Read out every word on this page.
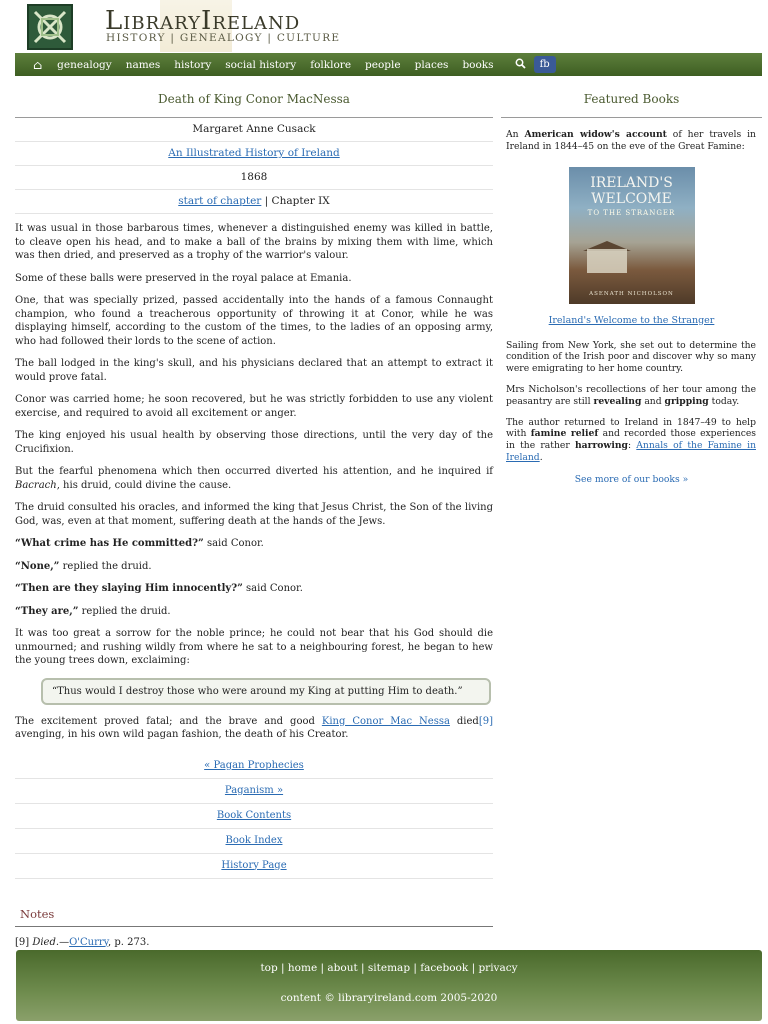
LibraryIreland
HISTORY | GENEALOGY | CULTURE
⌂	genealogy	names	history	social history	folklore	people	places	books	fb
Death of King Conor MacNessa
Margaret Anne Cusack
An Illustrated History of Ireland
1868
start of chapter | Chapter IX

It was usual in those barbarous times, whenever a distinguished enemy was killed in battle, to cleave open his head, and to make a ball of the brains by mixing them with lime, which was then dried, and preserved as a trophy of the warrior's valour.

Some of these balls were preserved in the royal palace at Emania.

One, that was specially prized, passed accidentally into the hands of a famous Connaught champion, who found a treacherous opportunity of throwing it at Conor, while he was displaying himself, according to the custom of the times, to the ladies of an opposing army, who had followed their lords to the scene of action.

The ball lodged in the king's skull, and his physicians declared that an attempt to extract it would prove fatal.

Conor was carried home; he soon recovered, but he was strictly forbidden to use any violent exercise, and required to avoid all excitement or anger.

The king enjoyed his usual health by observing those directions, until the very day of the Crucifixion.

But the fearful phenomena which then occurred diverted his attention, and he inquired if Bacrach, his druid, could divine the cause.

The druid consulted his oracles, and informed the king that Jesus Christ, the Son of the living God, was, even at that moment, suffering death at the hands of the Jews.

“What crime has He committed?” said Conor.

“None,” replied the druid.

“Then are they slaying Him innocently?” said Conor.

“They are,” replied the druid.

It was too great a sorrow for the noble prince; he could not bear that his God should die unmourned; and rushing wildly from where he sat to a neighbouring forest, he began to hew the young trees down, exclaiming:

“Thus would I destroy those who were around my King at putting Him to death.”

The excitement proved fatal; and the brave and good King Conor Mac Nessa died[9] avenging, in his own wild pagan fashion, the death of his Creator.

« Pagan Prophecies
Paganism »
Book Contents
Book Index
History Page
Notes
[9] Died.—O'Curry, p. 273.
Featured Books

An American widow's account of her travels in Ireland in 1844–45 on the eve of the Great Famine:

IRELAND'S WELCOME
TO THE STRANGER
ASENATH NICHOLSON
Ireland's Welcome to the Stranger

Sailing from New York, she set out to determine the condition of the Irish poor and discover why so many were emigrating to her home country.

Mrs Nicholson's recollections of her tour among the peasantry are still revealing and gripping today.

The author returned to Ireland in 1847–49 to help with famine relief and recorded those experiences in the rather harrowing: Annals of the Famine in Ireland.

See more of our books »
top | home | about | sitemap | facebook | privacy
content © libraryireland.com 2005-2020
